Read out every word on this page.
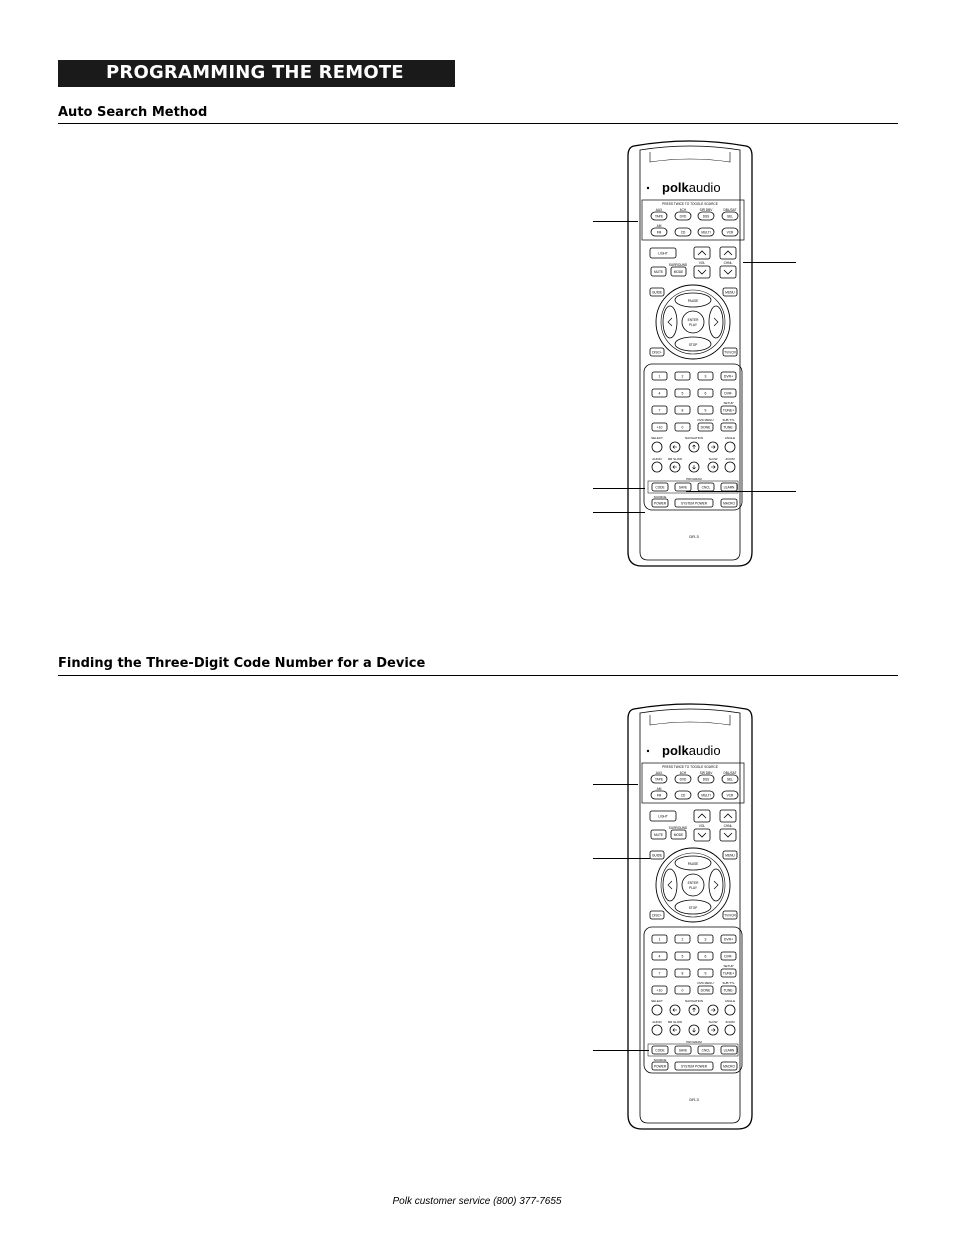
PROGRAMMING THE REMOTE
Auto Search Method
Finding the Three-Digit Code Number for a Device
polkaudio
PRESS TWICE TO TOGGLE SOURCE
AUX	6CH	SIR DBV	DBL/SAT
TAPE	DVD	DSS	SEL
AM
FM	CD	MULTI	VCR
LIGHT
VOL	CHNL
SURROUND
MUTE	MODE
GUIDE	MENU
PAUSE
STOP
ENTER
PLAY
DISC+	TV/VCR
1	2	3	DVR+
4	5	6	DVR-
SETUP
7	8	9	TUNE+
DVD MENU	SUB TTL
+10	0	DONE	TUNE-
SELECT	NAVIGATION	ANGLE
AUDIO RR SLOW	SLOW	ZOOM
PROGRAM
CODE	SAVE	CNCL	LEARN
SOURCE
POWER	SYSTEM POWER	MACRO
DR-3
polkaudio
PRESS TWICE TO TOGGLE SOURCE
AUX	6CH	SIR DBV	DBL/SAT
TAPE	DVD	DSS	SEL
AM
FM	CD	MULTI	VCR
LIGHT
VOL	CHNL
SURROUND
MUTE	MODE
GUIDE	MENU
PAUSE
STOP
ENTER
PLAY
DISC+	TV/VCR
1	2	3	DVR+
4	5	6	DVR-
SETUP
7	8	9	TUNE+
DVD MENU	SUB TTL
+10	0	DONE	TUNE-
SELECT	NAVIGATION	ANGLE
AUDIO RR SLOW	SLOW	ZOOM
PROGRAM
CODE	SAVE	CNCL	LEARN
SOURCE
POWER	SYSTEM POWER	MACRO
DR-3
Polk customer service (800) 377-7655
